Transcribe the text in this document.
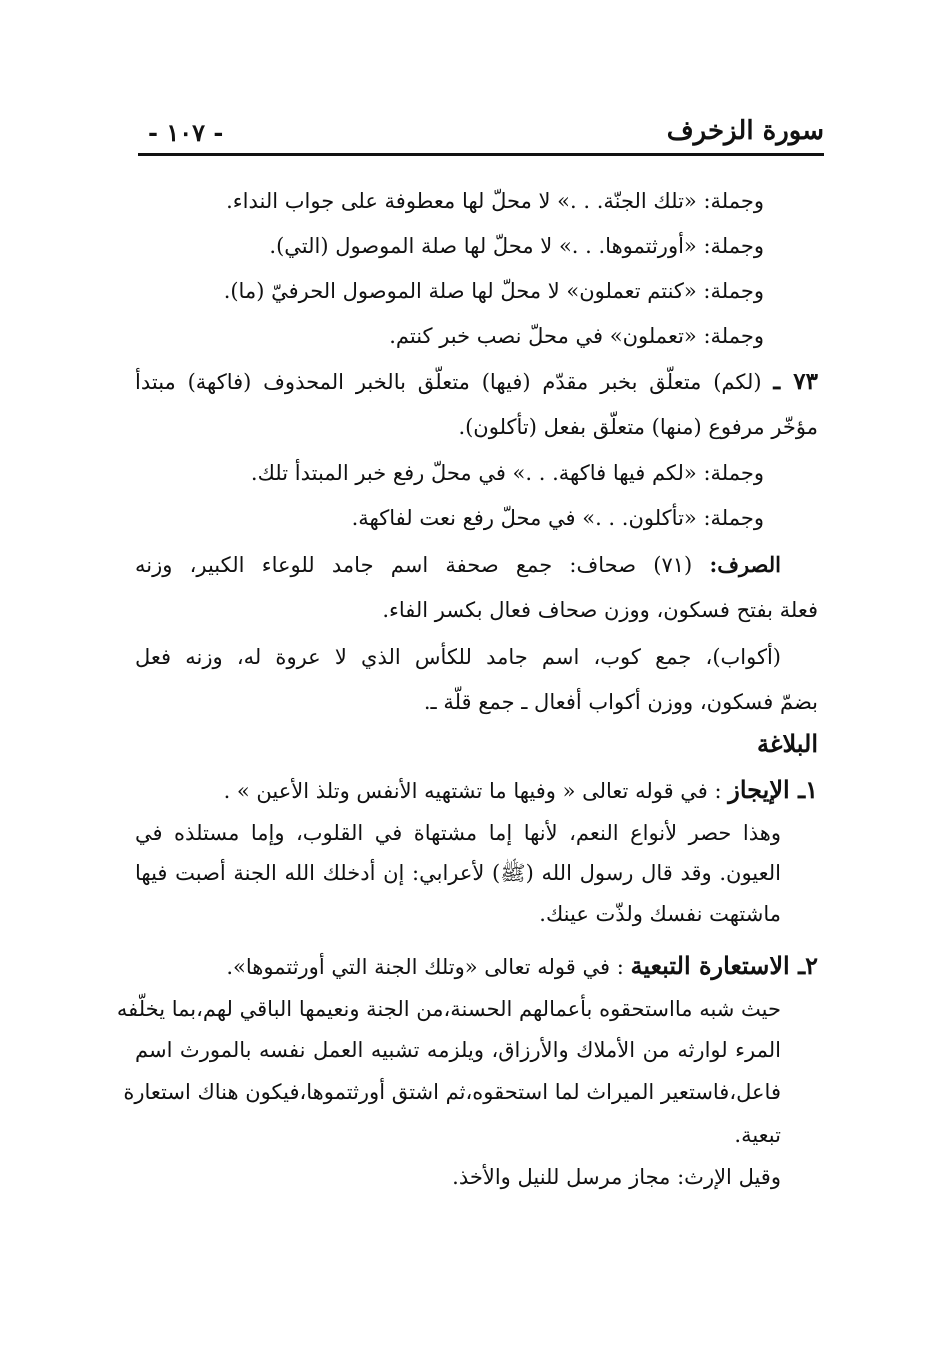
سورة الزخرف
- ١٠٧ -
وجملة: «تلك الجنّة. . .» لا محلّ لها معطوفة على جواب النداء.
وجملة: «أورثتموها. . .» لا محلّ لها صلة الموصول (التي).
وجملة: «كنتم تعملون» لا محلّ لها صلة الموصول الحرفيّ (ما).
وجملة: «تعملون» في محلّ نصب خبر كنتم.
٧٣ ـ (لكم) متعلّق بخبر مقدّم (فيها) متعلّق بالخبر المحذوف (فاكهة) مبتدأ
مؤخّر مرفوع (منها) متعلّق بفعل (تأكلون).
وجملة: «لكم فيها فاكهة. . .» في محلّ رفع خبر المبتدأ تلك.
وجملة: «تأكلون. . .» في محلّ رفع نعت لفاكهة.
الصرف: (٧١) صحاف: جمع صحفة اسم جامد للوعاء الكبير، وزنه
فعلة بفتح فسكون، ووزن صحاف فعال بكسر الفاء.
(أكواب)، جمع كوب، اسم جامد للكأس الذي لا عروة له، وزنه فعل
بضمّ فسكون، ووزن أكواب أفعال ـ جمع قلّة ـ.
البلاغة
١ـ الإيجاز : في قوله تعالى « وفيها ما تشتهيه الأنفس وتلذ الأعين » .
وهذا حصر لأنواع النعم، لأنها إما مشتهاة في القلوب، وإما مستلذه في
العيون. وقد قال رسول الله (ﷺ) لأعرابي: إن أدخلك الله الجنة أصبت فيها
ماشتهت نفسك ولذّت عينك.
٢ـ الاستعارة التبعية : في قوله تعالى «وتلك الجنة التي أورثتموها».
حيث شبه مااستحقوه بأعمالهم الحسنة،من الجنة ونعيمها الباقي لهم،بما يخلّفه
المرء لوارثه من الأملاك والأرزاق، ويلزمه تشبيه العمل نفسه بالمورث اسم
فاعل،فاستعير الميراث لما استحقوه،ثم اشتق أورثتموها،فيكون هناك استعارة
تبعية.
وقيل الإرث: مجاز مرسل للنيل والأخذ.
